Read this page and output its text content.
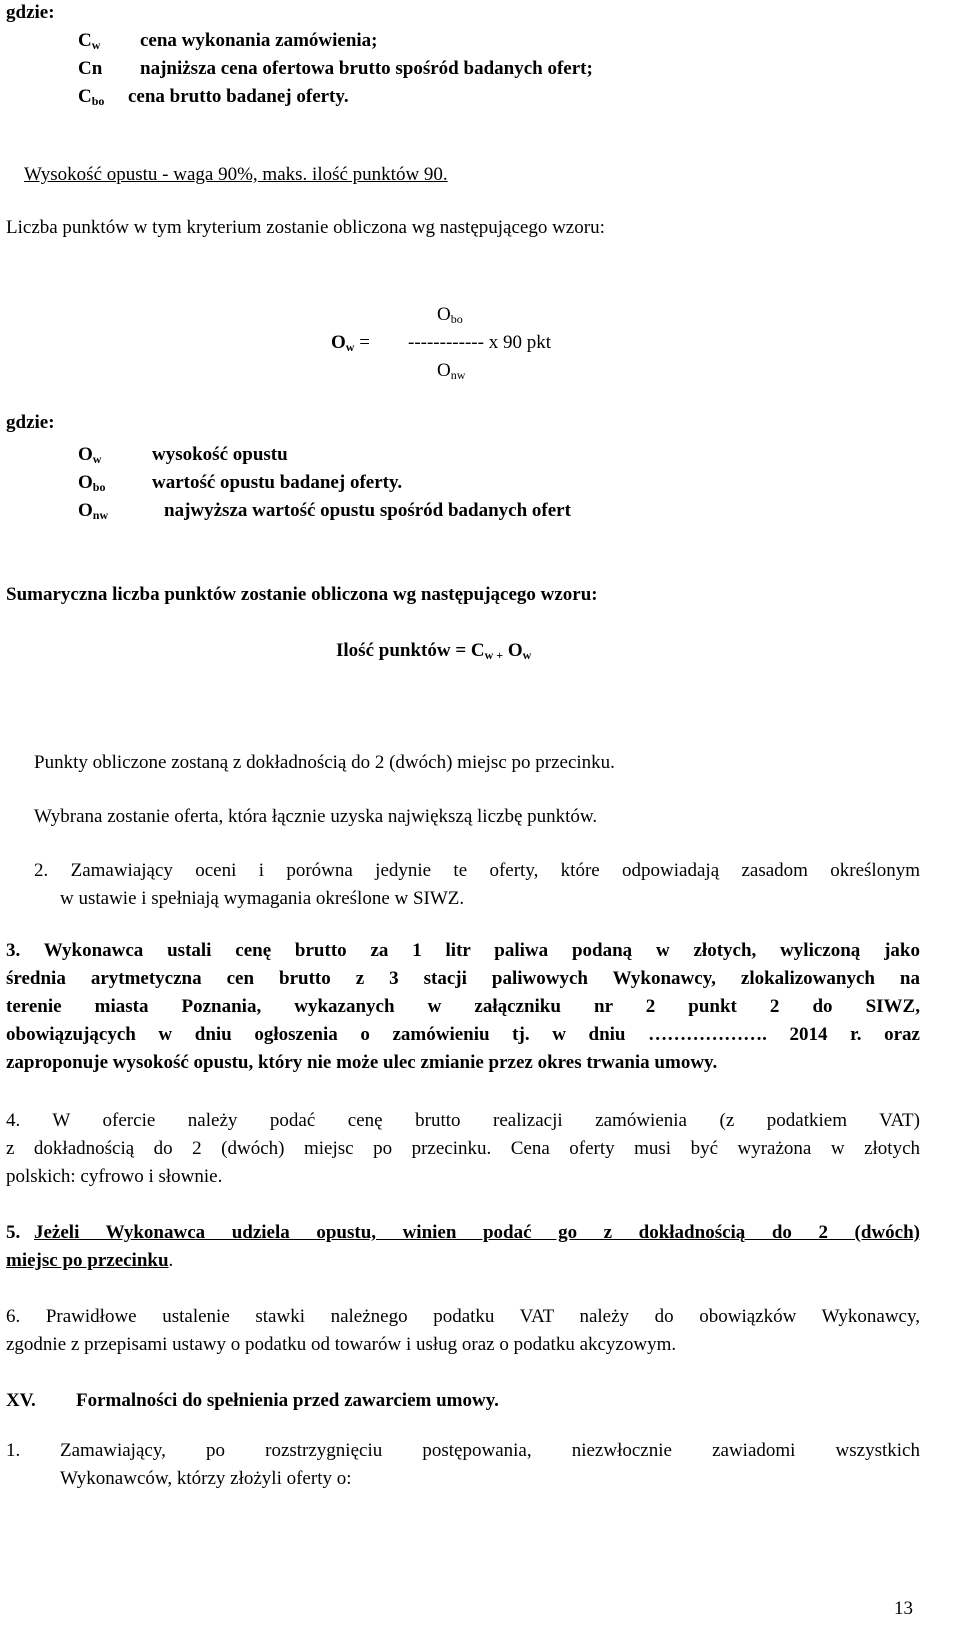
gdzie:
$C_w$ cena wykonania zamówienia;
Cn najniższa cena ofertowa brutto spośród badanych ofert;
$C_{bo}$ cena brutto badanej oferty.
Wysokość opustu - waga 90%, maks. ilość punktów 90.
Liczba punktów w tym kryterium zostanie obliczona wg następującego wzoru:
$O_{bo}$
$O_w$ = ------------ x 90 pkt
$O_{nw}$
gdzie:
$O_w$	wysokość opustu
$O_{bo}$ wartość opustu badanej oferty.
$O_{nw}$	najwyższa wartość opustu spośród badanych ofert
Sumaryczna liczba punktów zostanie obliczona wg następującego wzoru:
Ilość punktów = $C_{w +}$ $O_w$
Punkty obliczone zostaną z dokładnością do 2 (dwóch) miejsc po przecinku.
Wybrana zostanie oferta, która łącznie uzyska największą liczbę punktów.
2. Zamawiający oceni i porówna jedynie te oferty, które odpowiadają zasadom określonym
w ustawie i spełniają wymagania określone w SIWZ.
3. Wykonawca ustali cenę brutto za 1 litr paliwa podaną w złotych, wyliczoną jako
średnia arytmetyczna cen brutto z 3 stacji paliwowych Wykonawcy, zlokalizowanych na
terenie miasta Poznania, wykazanych w załączniku nr 2 punkt 2 do SIWZ,
obowiązujących w dniu ogłoszenia o zamówieniu tj. w dniu ………………. 2014 r. oraz
zaproponuje wysokość opustu, który nie może ulec zmianie przez okres trwania umowy.
4. W ofercie należy podać cenę brutto realizacji zamówienia (z podatkiem VAT)
z dokładnością do 2 (dwóch) miejsc po przecinku. Cena oferty musi być wyrażona w złotych
polskich: cyfrowo i słownie.
5. Jeżeli Wykonawca udziela opustu, winien podać go z dokładnością do 2 (dwóch)
miejsc po przecinku.
6. Prawidłowe ustalenie stawki należnego podatku VAT należy do obowiązków Wykonawcy,
zgodnie z przepisami ustawy o podatku od towarów i usług oraz o podatku akcyzowym.
XV. Formalności do spełnienia przed zawarciem umowy.
1. Zamawiający, po rozstrzygnięciu postępowania, niezwłocznie zawiadomi wszystkich
Wykonawców, którzy złożyli oferty o:
13
